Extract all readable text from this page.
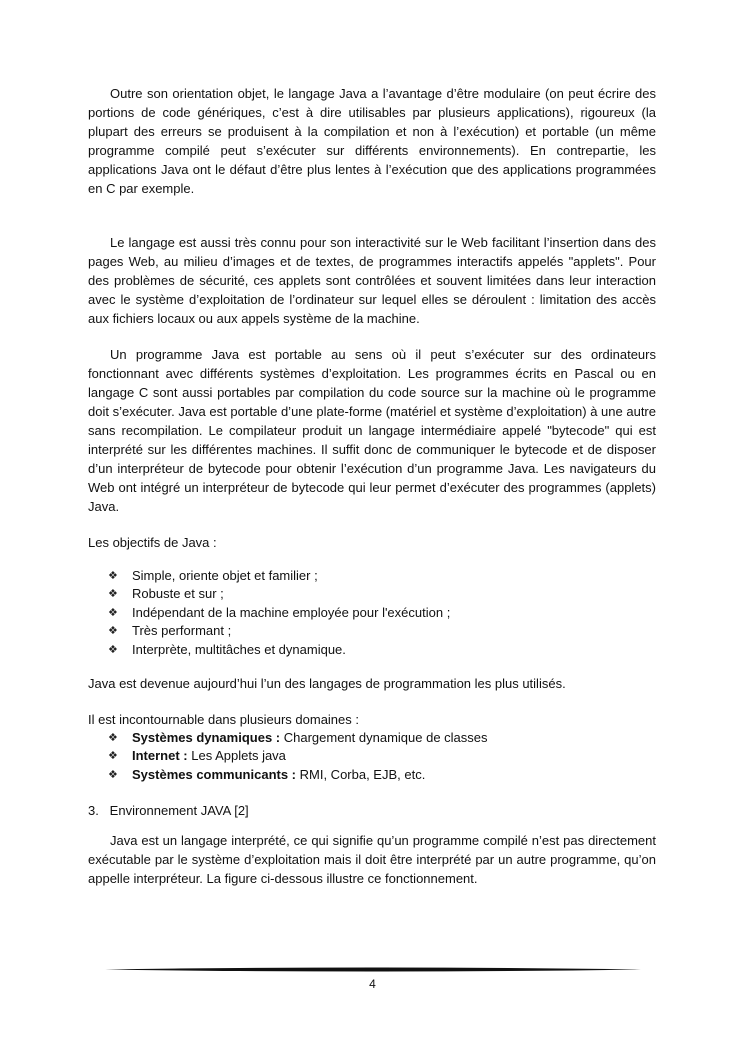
Outre son orientation objet, le langage Java a l’avantage d’être modulaire (on peut écrire des portions de code génériques, c’est à dire utilisables par plusieurs applications), rigoureux (la plupart des erreurs se produisent à la compilation et non à l’exécution) et portable (un même programme compilé peut s’exécuter sur différents environnements). En contrepartie, les applications Java ont le défaut d’être plus lentes à l’exécution que des applications programmées en C par exemple.

Le langage est aussi très connu pour son interactivité sur le Web facilitant l’insertion dans des pages Web, au milieu d’images et de textes, de programmes interactifs appelés "applets". Pour des problèmes de sécurité, ces applets sont contrôlées et souvent limitées dans leur interaction avec le système d’exploitation de l’ordinateur sur lequel elles se déroulent : limitation des accès aux fichiers locaux ou aux appels système de la machine.

Un programme Java est portable au sens où il peut s’exécuter sur des ordinateurs fonctionnant avec différents systèmes d’exploitation. Les programmes écrits en Pascal ou en langage C sont aussi portables par compilation du code source sur la machine où le programme doit s’exécuter. Java est portable d’une plate-forme (matériel et système d’exploitation) à une autre sans recompilation. Le compilateur produit un langage intermédiaire appelé "bytecode" qui est interprété sur les différentes machines. Il suffit donc de communiquer le bytecode et de disposer d’un interpréteur de bytecode pour obtenir l’exécution d’un programme Java. Les navigateurs du Web ont intégré un interpréteur de bytecode qui leur permet d’exécuter des programmes (applets) Java.

Les objectifs de Java :

❖ Simple, oriente objet et familier ;
❖ Robuste et sur ;
❖ Indépendant de la machine employée pour l'exécution ;
❖ Très performant ;
❖ Interprète, multitâches et dynamique.

Java est devenue aujourd’hui l’un des langages de programmation les plus utilisés.

Il est incontournable dans plusieurs domaines :

❖ Systèmes dynamiques : Chargement dynamique de classes
❖ Internet : Les Applets java
❖ Systèmes communicants : RMI, Corba, EJB, etc.

3.   Environnement JAVA [2]

Java est un langage interprété, ce qui signifie qu’un programme compilé n’est pas directement exécutable par le système d’exploitation mais il doit être interprété par un autre programme, qu’on appelle interpréteur. La figure ci-dessous illustre ce fonctionnement.

4
